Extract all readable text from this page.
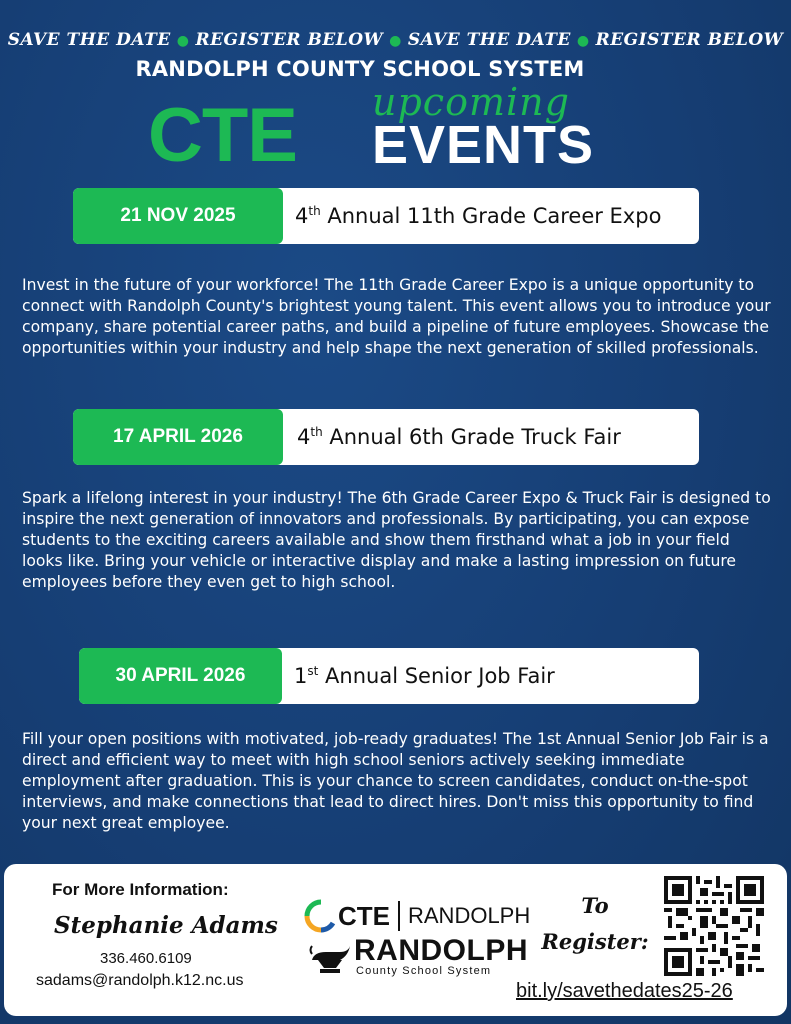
SAVE THE DATE ● REGISTER BELOW ● SAVE THE DATE ● REGISTER BELOW
RANDOLPH COUNTY SCHOOL SYSTEM
CTE upcoming
EVENTS
21 NOV 2025	4th Annual 11th Grade Career Expo
Invest in the future of your workforce! The 11th Grade Career Expo is a unique opportunity to connect with Randolph County's brightest young talent. This event allows you to introduce your company, share potential career paths, and build a pipeline of future employees. Showcase the opportunities within your industry and help shape the next generation of skilled professionals.
17 APRIL 2026	4th Annual 6th Grade Truck Fair
Spark a lifelong interest in your industry! The 6th Grade Career Expo & Truck Fair is designed to inspire the next generation of innovators and professionals. By participating, you can expose students to the exciting careers available and show them firsthand what a job in your field looks like. Bring your vehicle or interactive display and make a lasting impression on future employees before they even get to high school.
30 APRIL 2026	1st Annual Senior Job Fair
Fill your open positions with motivated, job-ready graduates! The 1st Annual Senior Job Fair is a direct and efficient way to meet with high school seniors actively seeking immediate employment after graduation. This is your chance to screen candidates, conduct on-the-spot interviews, and make connections that lead to direct hires. Don't miss this opportunity to find your next great employee.
For More Information:
Stephanie Adams
336.460.6109
sadams@randolph.k12.nc.us
CTE RANDOLPH
RANDOLPH
County School System
To
Register:
bit.ly/savethedates25-26
